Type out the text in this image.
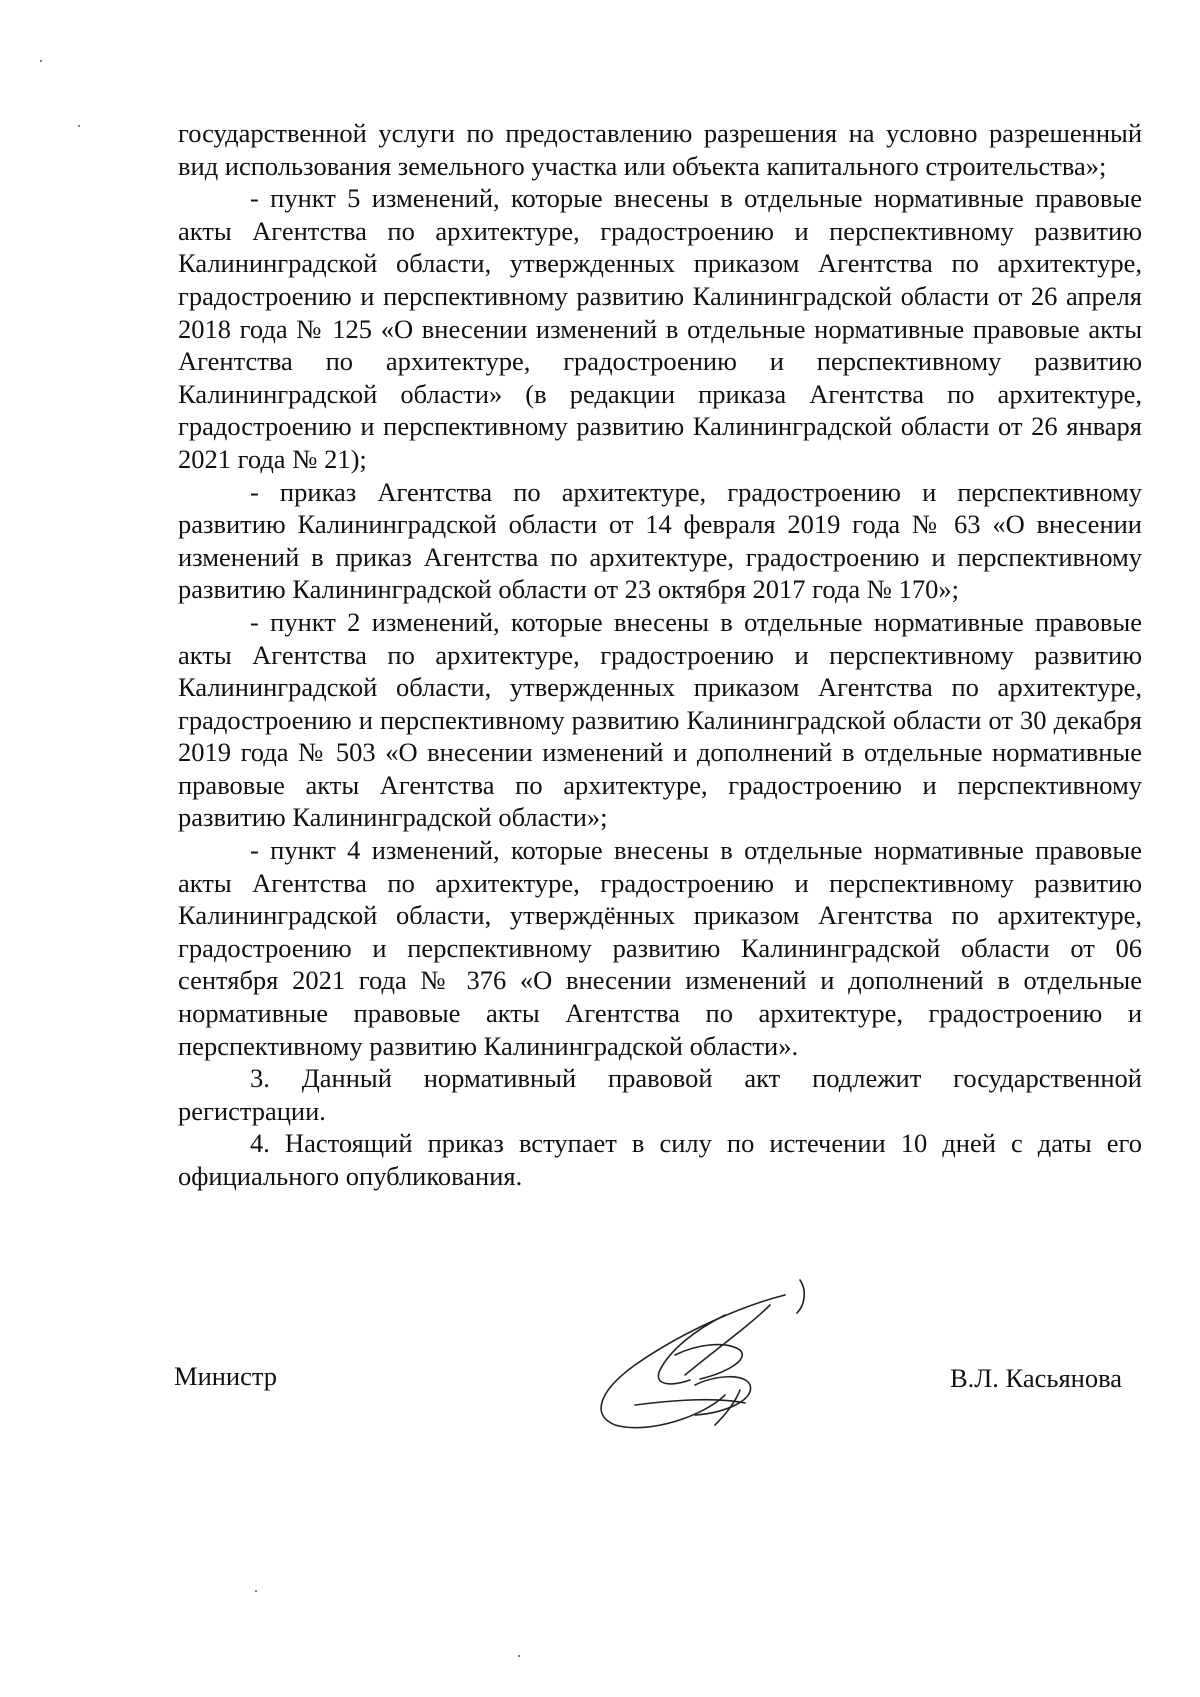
государственной услуги по предоставлению разрешения на условно разрешенный вид использования земельного участка или объекта капитального строительства»;

- пункт 5 изменений, которые внесены в отдельные нормативные правовые акты Агентства по архитектуре, градостроению и перспективному развитию Калининградской области, утвержденных приказом Агентства по архитектуре, градостроению и перспективному развитию Калининградской области от 26 апреля 2018 года № 125 «О внесении изменений в отдельные нормативные правовые акты Агентства по архитектуре, градостроению и перспективному развитию Калининградской области» (в редакции приказа Агентства по архитектуре, градостроению и перспективному развитию Калининградской области от 26 января 2021 года № 21);

- приказ Агентства по архитектуре, градостроению и перспективному развитию Калининградской области от 14 февраля 2019 года № 63 «О внесении изменений в приказ Агентства по архитектуре, градостроению и перспективному развитию Калининградской области от 23 октября 2017 года № 170»;

- пункт 2 изменений, которые внесены в отдельные нормативные правовые акты Агентства по архитектуре, градостроению и перспективному развитию Калининградской области, утвержденных приказом Агентства по архитектуре, градостроению и перспективному развитию Калининградской области от 30 декабря 2019 года № 503 «О внесении изменений и дополнений в отдельные нормативные правовые акты Агентства по архитектуре, градостроению и перспективному развитию Калининградской области»;

- пункт 4 изменений, которые внесены в отдельные нормативные правовые акты Агентства по архитектуре, градостроению и перспективному развитию Калининградской области, утверждённых приказом Агентства по архитектуре, градостроению и перспективному развитию Калининградской области от 06 сентября 2021 года № 376 «О внесении изменений и дополнений в отдельные нормативные правовые акты Агентства по архитектуре, градостроению и перспективному развитию Калининградской области».

3. Данный нормативный правовой акт подлежит государственной регистрации.

4. Настоящий приказ вступает в силу по истечении 10 дней с даты его официального опубликования.

Министр	В.Л. Касьянова
